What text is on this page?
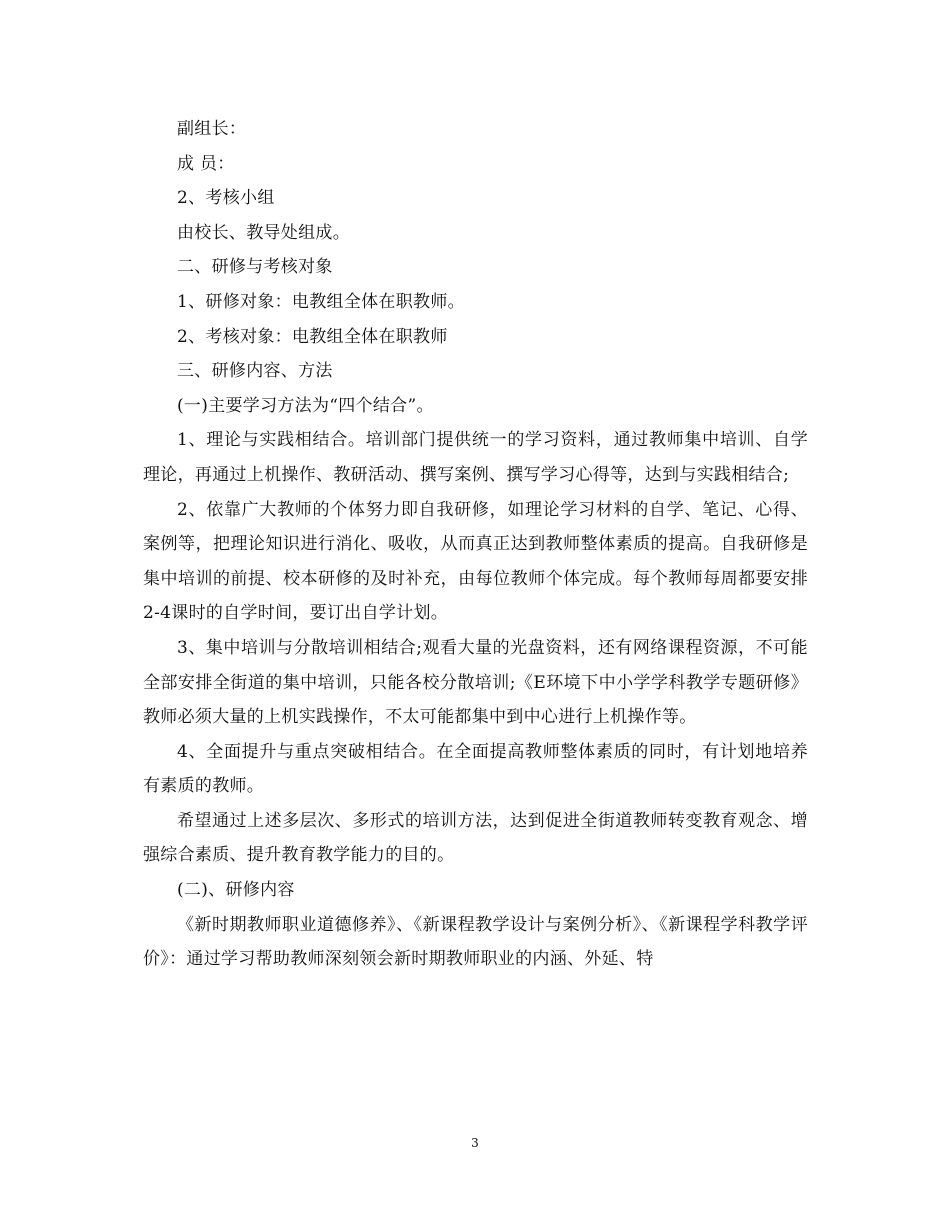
副组长：

成 员：

2、考核小组

由校长、教导处组成。

二、研修与考核对象

1、研修对象：电教组全体在职教师。

2、考核对象：电教组全体在职教师

三、研修内容、方法

(一)主要学习方法为“四个结合”。

1、理论与实践相结合。培训部门提供统一的学习资料，通过教师集中培训、自学理论，再通过上机操作、教研活动、撰写案例、撰写学习心得等，达到与实践相结合;

2、依靠广大教师的个体努力即自我研修，如理论学习材料的自学、笔记、心得、案例等，把理论知识进行消化、吸收，从而真正达到教师整体素质的提高。自我研修是集中培训的前提、校本研修的及时补充，由每位教师个体完成。每个教师每周都要安排2-4课时的自学时间，要订出自学计划。

3、集中培训与分散培训相结合;观看大量的光盘资料，还有网络课程资源，不可能全部安排全街道的集中培训，只能各校分散培训;《E环境下中小学学科教学专题研修》教师必须大量的上机实践操作，不太可能都集中到中心进行上机操作等。

4、全面提升与重点突破相结合。在全面提高教师整体素质的同时，有计划地培养有素质的教师。

希望通过上述多层次、多形式的培训方法，达到促进全街道教师转变教育观念、增强综合素质、提升教育教学能力的目的。

(二)、研修内容

《新时期教师职业道德修养》、《新课程教学设计与案例分析》、《新课程学科教学评价》：通过学习帮助教师深刻领会新时期教师职业的内涵、外延、特

3
